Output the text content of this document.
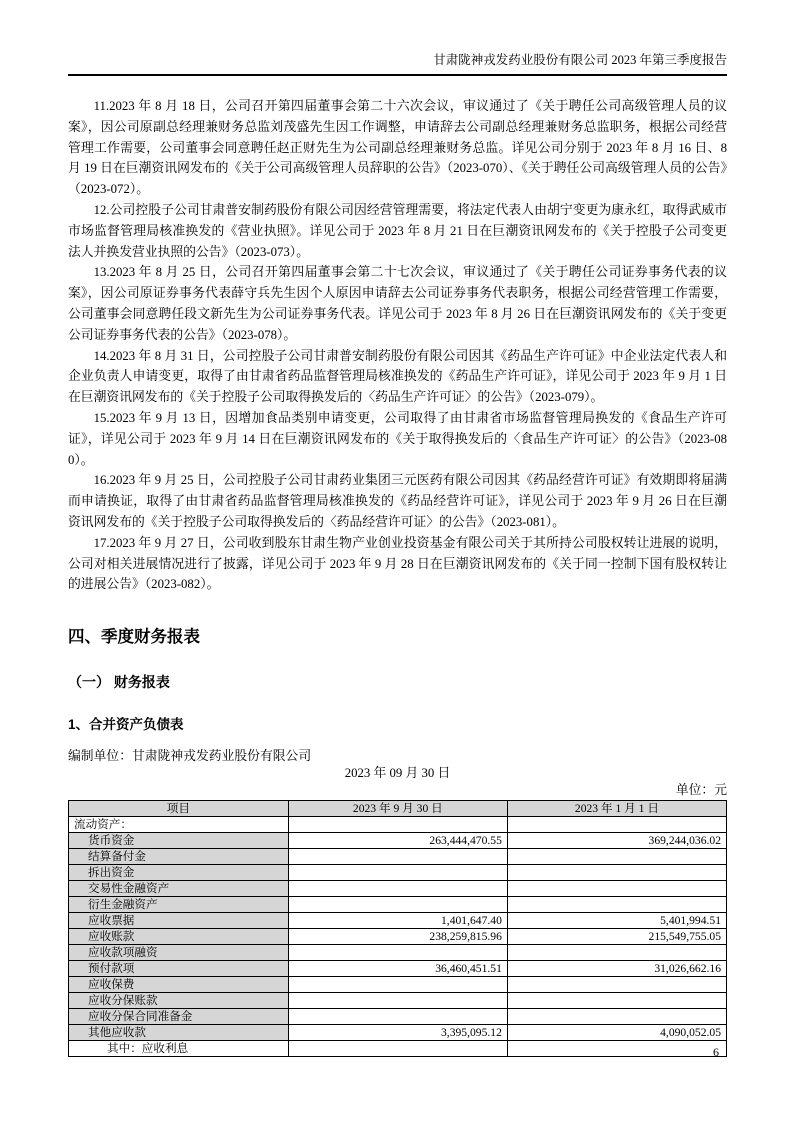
甘肃陇神戎发药业股份有限公司 2023 年第三季度报告

11.2023 年 8 月 18 日，公司召开第四届董事会第二十六次会议，审议通过了《关于聘任公司高级管理人员的议案》，因公司原副总经理兼财务总监刘茂盛先生因工作调整，申请辞去公司副总经理兼财务总监职务，根据公司经营管理工作需要，公司董事会同意聘任赵正财先生为公司副总经理兼财务总监。详见公司分别于 2023 年 8 月 16 日、8 月 19 日在巨潮资讯网发布的《关于公司高级管理人员辞职的公告》（2023-070）、《关于聘任公司高级管理人员的公告》（2023-072）。

12.公司控股子公司甘肃普安制药股份有限公司因经营管理需要，将法定代表人由胡宁变更为康永红，取得武威市市场监督管理局核准换发的《营业执照》。详见公司于 2023 年 8 月 21 日在巨潮资讯网发布的《关于控股子公司变更法人并换发营业执照的公告》（2023-073）。

13.2023 年 8 月 25 日，公司召开第四届董事会第二十七次会议，审议通过了《关于聘任公司证券事务代表的议案》，因公司原证券事务代表薛守兵先生因个人原因申请辞去公司证券事务代表职务，根据公司经营管理工作需要，公司董事会同意聘任段文新先生为公司证券事务代表。详见公司于 2023 年 8 月 26 日在巨潮资讯网发布的《关于变更公司证券事务代表的公告》（2023-078）。

14.2023 年 8 月 31 日，公司控股子公司甘肃普安制药股份有限公司因其《药品生产许可证》中企业法定代表人和企业负责人申请变更，取得了由甘肃省药品监督管理局核准换发的《药品生产许可证》，详见公司于 2023 年 9 月 1 日在巨潮资讯网发布的《关于控股子公司取得换发后的〈药品生产许可证〉的公告》（2023-079）。

15.2023 年 9 月 13 日，因增加食品类别申请变更，公司取得了由甘肃省市场监督管理局换发的《食品生产许可证》，详见公司于 2023 年 9 月 14 日在巨潮资讯网发布的《关于取得换发后的〈食品生产许可证〉的公告》（2023-080）。

16.2023 年 9 月 25 日，公司控股子公司甘肃药业集团三元医药有限公司因其《药品经营许可证》有效期即将届满而申请换证，取得了由甘肃省药品监督管理局核准换发的《药品经营许可证》，详见公司于 2023 年 9 月 26 日在巨潮资讯网发布的《关于控股子公司取得换发后的〈药品经营许可证〉的公告》（2023-081）。

17.2023 年 9 月 27 日，公司收到股东甘肃生物产业创业投资基金有限公司关于其所持公司股权转让进展的说明，公司对相关进展情况进行了披露，详见公司于 2023 年 9 月 28 日在巨潮资讯网发布的《关于同一控制下国有股权转让的进展公告》（2023-082）。

四、季度财务报表
（一） 财务报表
1、合并资产负债表
编制单位：甘肃陇神戎发药业股份有限公司
2023 年 09 月 30 日
单位：元
项目	2023 年 9 月 30 日	2023 年 1 月 1 日
流动资产：		
货币资金	263,444,470.55	369,244,036.02
结算备付金		
拆出资金		
交易性金融资产		
衍生金融资产		
应收票据	1,401,647.40	5,401,994.51
应收账款	238,259,815.96	215,549,755.05
应收款项融资		
预付款项	36,460,451.51	31,026,662.16
应收保费		
应收分保账款		
应收分保合同准备金		
其他应收款	3,395,095.12	4,090,052.05
其中：应收利息			6
